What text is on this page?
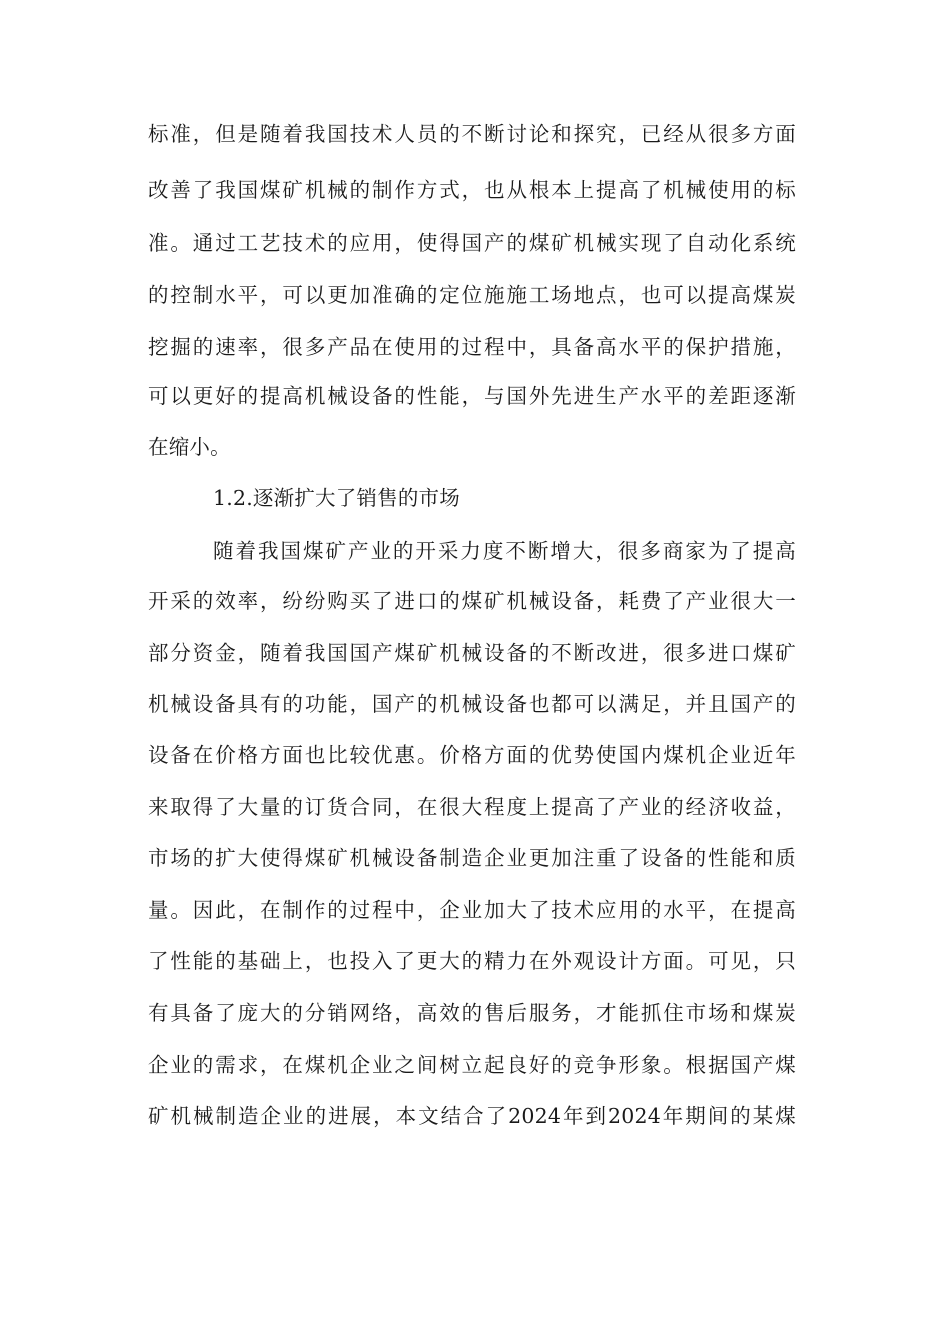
标准，但是随着我国技术人员的不断讨论和探究，已经从很多方面
改善了我国煤矿机械的制作方式，也从根本上提高了机械使用的标
准。通过工艺技术的应用，使得国产的煤矿机械实现了自动化系统
的控制水平，可以更加准确的定位施施工场地点，也可以提高煤炭
挖掘的速率，很多产品在使用的过程中，具备高水平的保护措施，
可以更好的提高机械设备的性能，与国外先进生产水平的差距逐渐
在缩小。
1.2.逐渐扩大了销售的市场
随着我国煤矿产业的开采力度不断增大，很多商家为了提高
开采的效率，纷纷购买了进口的煤矿机械设备，耗费了产业很大一
部分资金，随着我国国产煤矿机械设备的不断改进，很多进口煤矿
机械设备具有的功能，国产的机械设备也都可以满足，并且国产的
设备在价格方面也比较优惠。价格方面的优势使国内煤机企业近年
来取得了大量的订货合同，在很大程度上提高了产业的经济收益，
市场的扩大使得煤矿机械设备制造企业更加注重了设备的性能和质
量。因此，在制作的过程中，企业加大了技术应用的水平，在提高
了性能的基础上，也投入了更大的精力在外观设计方面。可见，只
有具备了庞大的分销网络，高效的售后服务，才能抓住市场和煤炭
企业的需求，在煤机企业之间树立起良好的竞争形象。根据国产煤
矿机械制造企业的进展，本文结合了2024年到2024年期间的某煤
